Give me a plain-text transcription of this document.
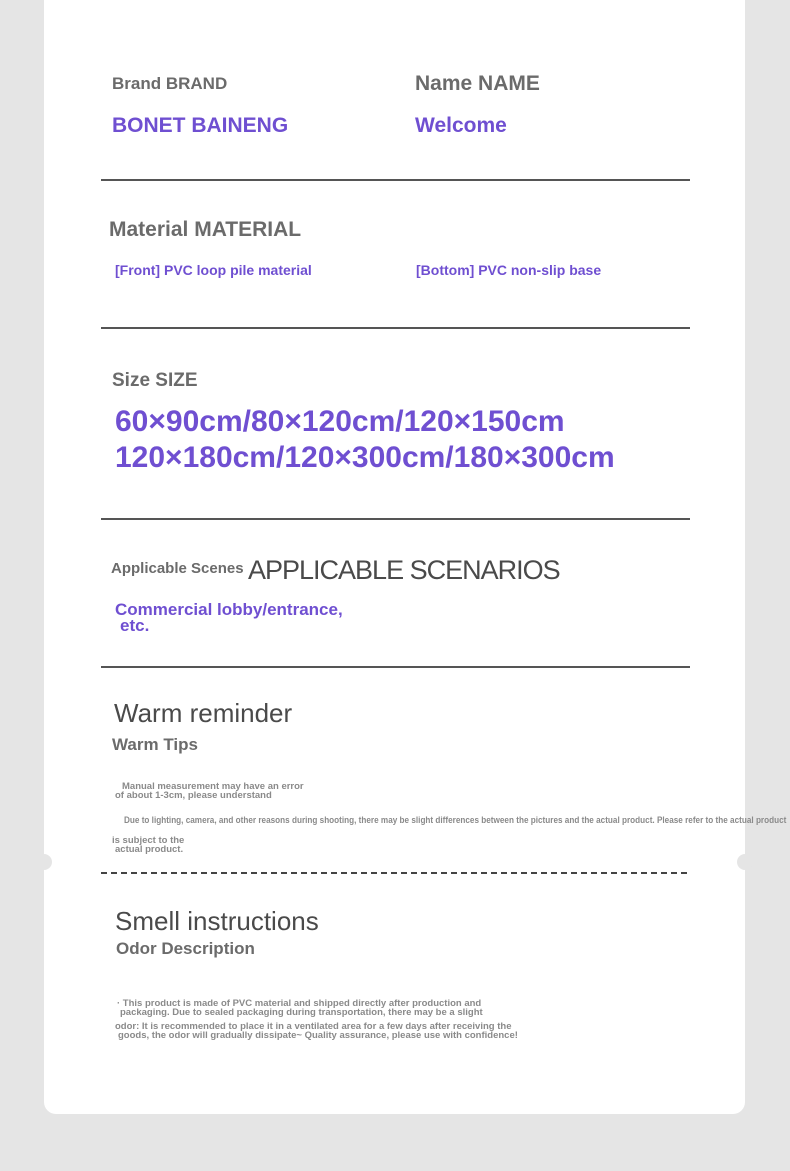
Brand BRAND
BONET BAINENG
Name NAME
Welcome
Material MATERIAL
[Front] PVC loop pile material	[Bottom] PVC non-slip base
Size SIZE
60×90cm/80×120cm/120×150cm
120×180cm/120×300cm/180×300cm
Applicable Scenes APPLICABLE SCENARIOS
Commercial lobby/entrance,
etc.
Warm reminder
Warm Tips
Manual measurement may have an error
of about 1-3cm, please understand
Due to lighting, camera, and other reasons during shooting, there may be slight differences between the pictures and the actual product. Please refer to the actual product
is subject to the
actual product.
Smell instructions
Odor Description
· This product is made of PVC material and shipped directly after production and
packaging. Due to sealed packaging during transportation, there may be a slight
odor: It is recommended to place it in a ventilated area for a few days after receiving the
goods, the odor will gradually dissipate~ Quality assurance, please use with confidence!
